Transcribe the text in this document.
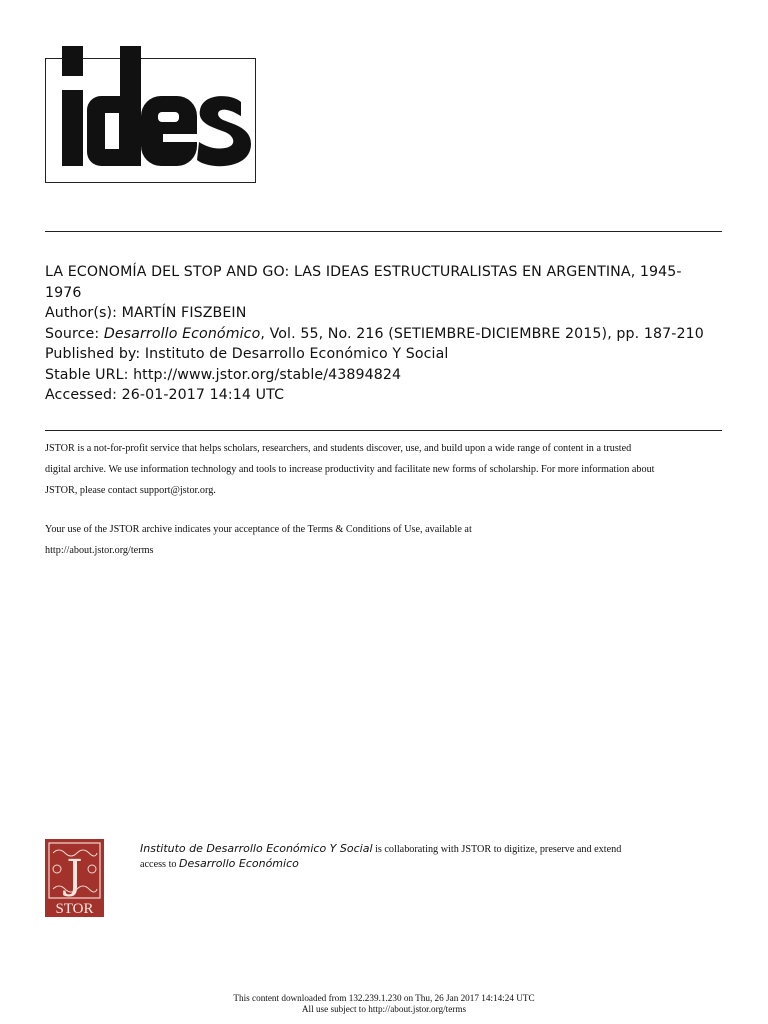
LA ECONOMÍA DEL STOP AND GO: LAS IDEAS ESTRUCTURALISTAS EN ARGENTINA, 1945-
1976
Author(s): MARTÍN FISZBEIN
Source: Desarrollo Económico, Vol. 55, No. 216 (SETIEMBRE-DICIEMBRE 2015), pp. 187-210
Published by: Instituto de Desarrollo Económico Y Social
Stable URL: http://www.jstor.org/stable/43894824
Accessed: 26-01-2017 14:14 UTC
JSTOR is a not-for-profit service that helps scholars, researchers, and students discover, use, and build upon a wide range of content in a trusted
digital archive. We use information technology and tools to increase productivity and facilitate new forms of scholarship. For more information about
JSTOR, please contact support@jstor.org.
Your use of the JSTOR archive indicates your acceptance of the Terms & Conditions of Use, available at
http://about.jstor.org/terms
J
STOR
Instituto de Desarrollo Económico Y Social is collaborating with JSTOR to digitize, preserve and extend
access to Desarrollo Económico
This content downloaded from 132.239.1.230 on Thu, 26 Jan 2017 14:14:24 UTC
All use subject to http://about.jstor.org/terms
